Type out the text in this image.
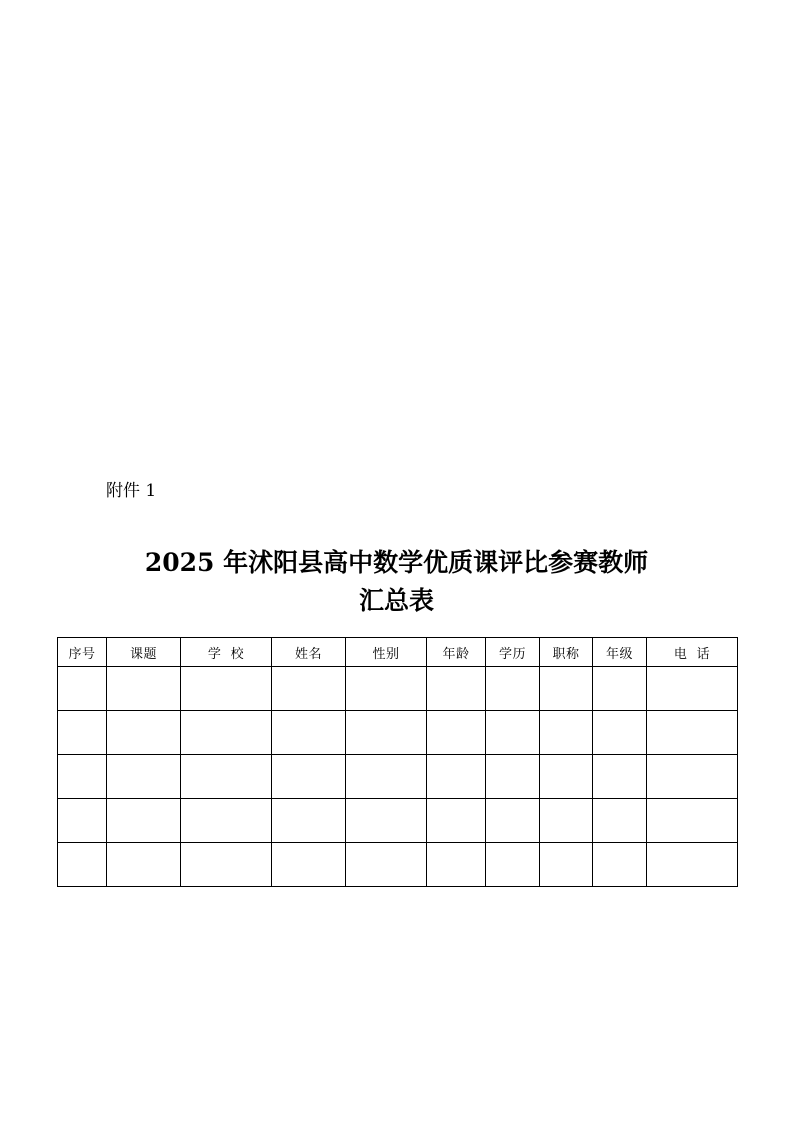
附件 1
2025 年沭阳县高中数学优质课评比参赛教师
汇总表
序号	课题	学  校	姓名	性别	年龄	学历	职称	年级	电  话
